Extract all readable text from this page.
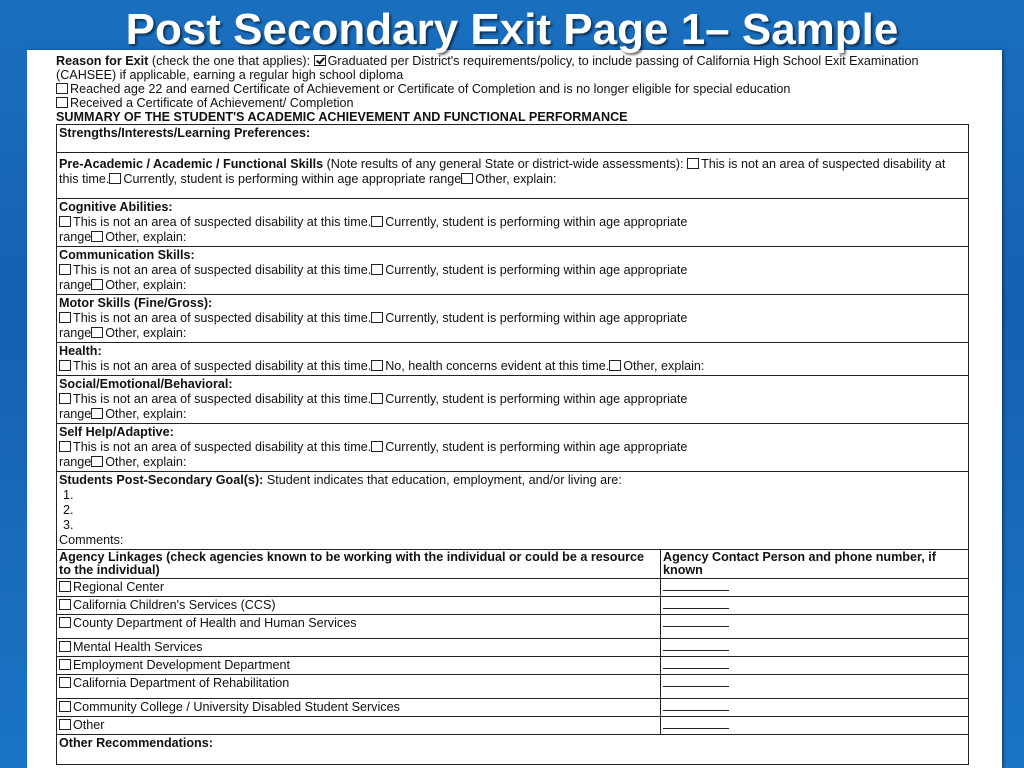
Post Secondary Exit Page 1– Sample

Reason for Exit (check the one that applies): Graduated per District's requirements/policy, to include passing of California High School Exit Examination (CAHSEE) if applicable, earning a regular high school diploma

Reached age 22 and earned Certificate of Achievement or Certificate of Completion and is no longer eligible for special education

Received a Certificate of Achievement/ Completion

SUMMARY OF THE STUDENT'S ACADEMIC ACHIEVEMENT AND FUNCTIONAL PERFORMANCE

Strengths/Interests/Learning Preferences:	

Pre-Academic / Academic / Functional Skills (Note results of any general State or district-wide assessments): This is not an area of suspected disability at this time. Currently, student is performing within age appropriate range Other, explain:	

Cognitive Abilities:
This is not an area of suspected disability at this time. Currently, student is performing within age appropriate
range Other, explain:	

Communication Skills:
This is not an area of suspected disability at this time. Currently, student is performing within age appropriate
range Other, explain:	

Motor Skills (Fine/Gross):
This is not an area of suspected disability at this time. Currently, student is performing within age appropriate
range Other, explain:	

Health:
This is not an area of suspected disability at this time. No, health concerns evident at this time. Other, explain:	

Social/Emotional/Behavioral:
This is not an area of suspected disability at this time. Currently, student is performing within age appropriate
range Other, explain:	

Self Help/Adaptive:
This is not an area of suspected disability at this time. Currently, student is performing within age appropriate
range Other, explain:	

Students Post-Secondary Goal(s): Student indicates that education, employment, and/or living are:
1.
2.
3.
Comments:	

Agency Linkages (check agencies known to be working with the individual or could be a resource to the individual)	Agency Contact Person and phone number, if known
Regional Center	
California Children's Services (CCS)	
County Department of Health and Human Services	
Mental Health Services	
Employment Development Department	
California Department of Rehabilitation	
Community College / University Disabled Student Services	
Other	
Other Recommendations:	
